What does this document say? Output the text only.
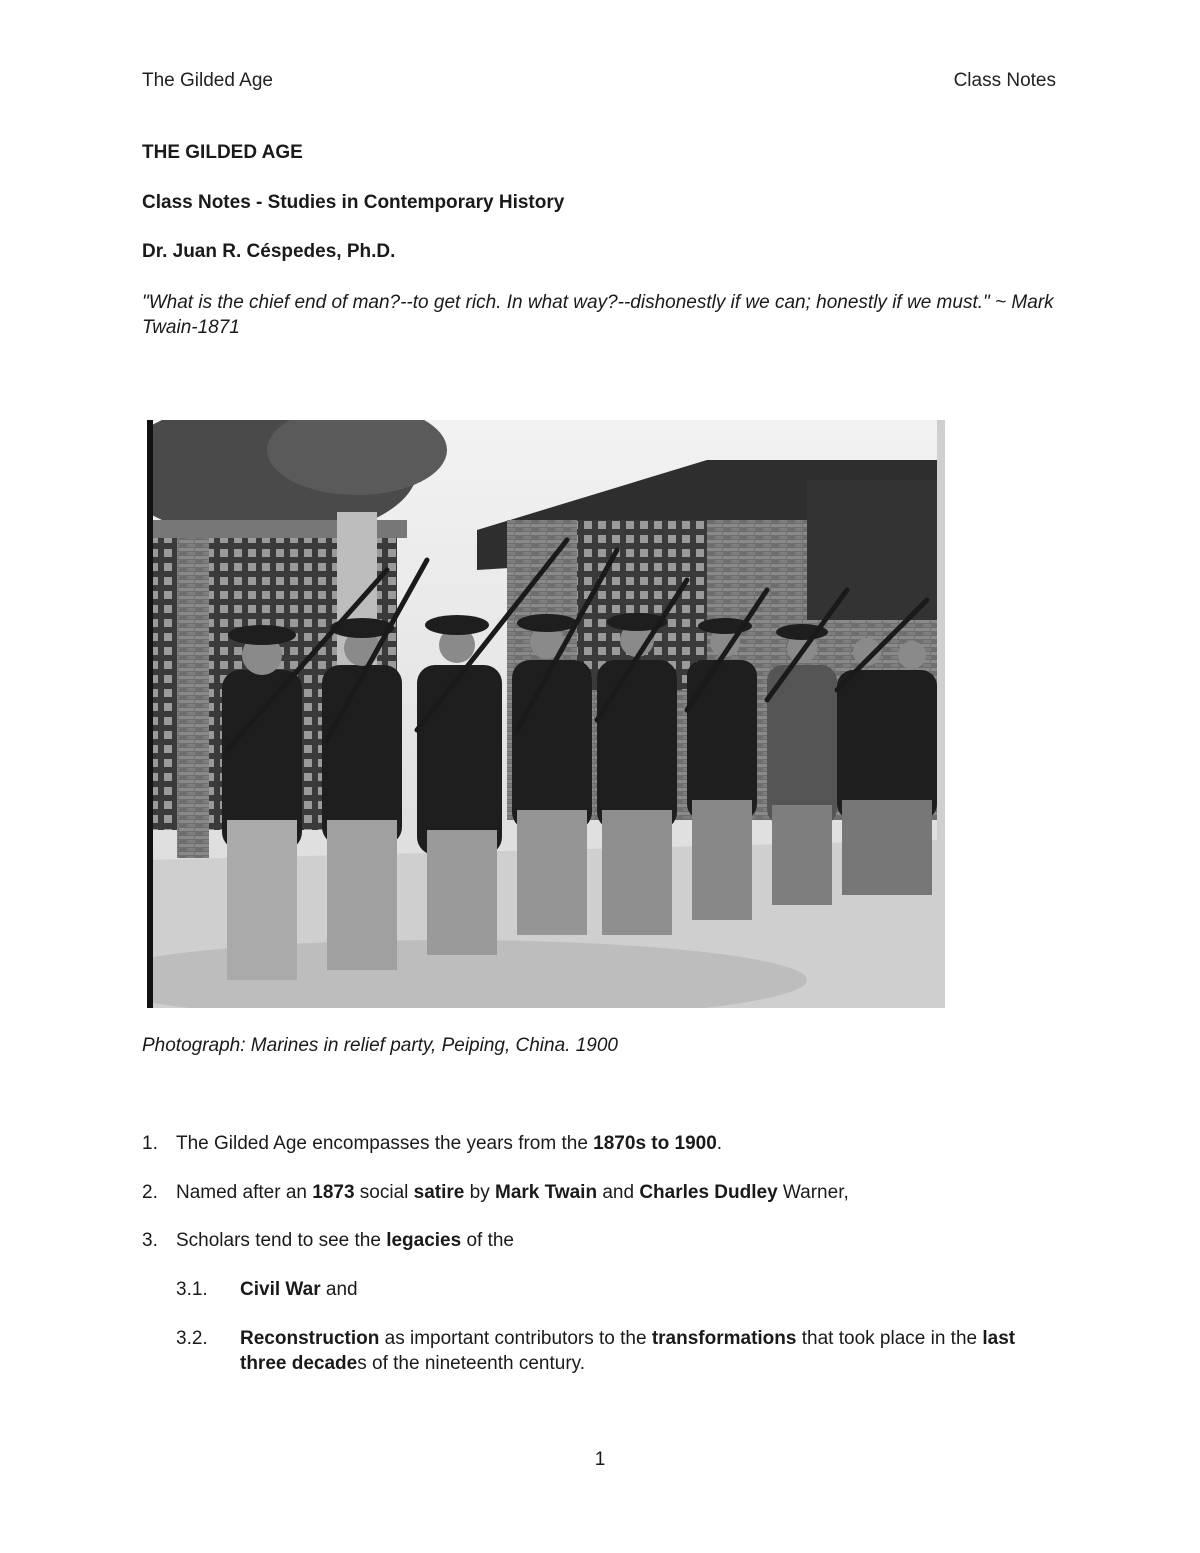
The Gilded Age	Class Notes
THE GILDED AGE
Class Notes - Studies in Contemporary History
Dr. Juan R. Céspedes, Ph.D.
"What is the chief end of man?--to get rich. In what way?--dishonestly if we can; honestly if we must." ~ Mark Twain-1871
Photograph: Marines in relief party, Peiping, China. 1900
1. The Gilded Age encompasses the years from the 1870s to 1900.
2. Named after an 1873 social satire by Mark Twain and Charles Dudley Warner,
3. Scholars tend to see the legacies of the
3.1. Civil War and
3.2. Reconstruction as important contributors to the transformations that took place in the last three decades of the nineteenth century.
1
